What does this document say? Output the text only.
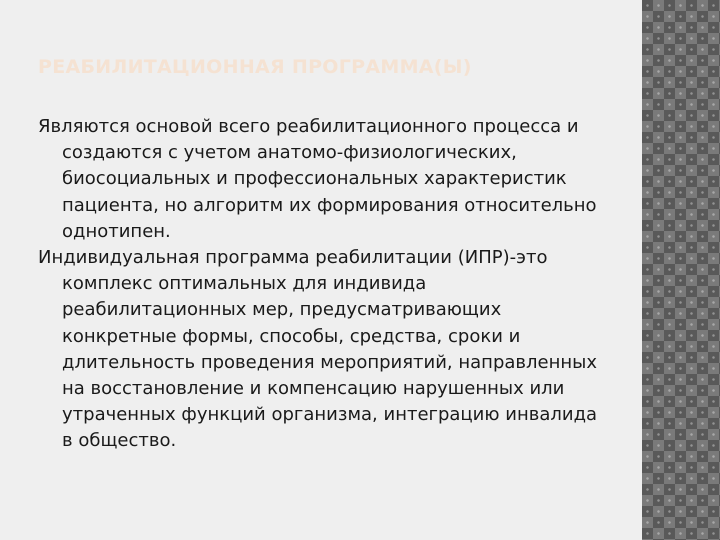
РЕАБИЛИТАЦИОННАЯ ПРОГРАММА(Ы)

Являются основой всего реабилитационного процесса и создаются с учетом анатомо-физиологических, биосоциальных и профессиональных характеристик пациента, но алгоритм их формирования относительно однотипен.

Индивидуальная программа реабилитации (ИПР)-это комплекс оптимальных для индивида реабилитационных мер, предусматривающих конкретные формы, способы, средства, сроки и длительность проведения мероприятий, направленных на восстановление и компенсацию нарушенных или утраченных функций организма, интеграцию инвалида в общество.
